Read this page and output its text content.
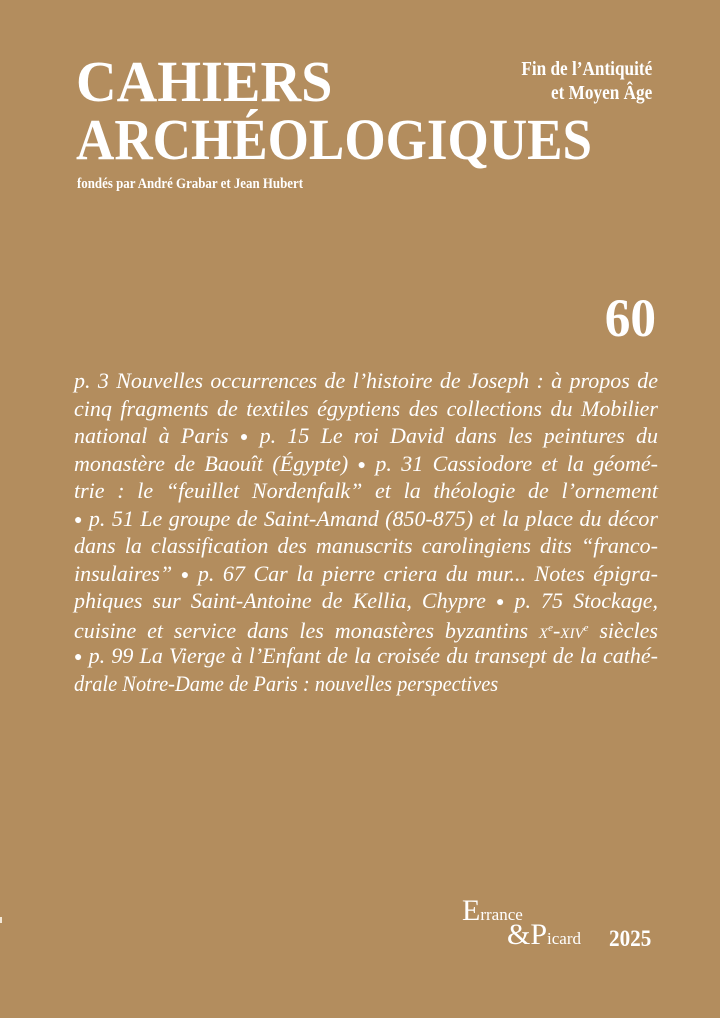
CAHIERS
ARCHÉOLOGIQUES
Fin de l’Antiquité
et Moyen Âge
fondés par André Grabar et Jean Hubert
60
p. 3 Nouvelles occurrences de l’histoire de Joseph : à propos de
cinq fragments de textiles égyptiens des collections du Mobilier
national à Paris ● p. 15 Le roi David dans les peintures du
monastère de Baouît (Égypte) ● p. 31 Cassiodore et la géomé-
trie : le “feuillet Nordenfalk” et la théologie de l’ornement
● p. 51 Le groupe de Saint-Amand (850-875) et la place du décor
dans la classification des manuscrits carolingiens dits “franco-
insulaires” ● p. 67 Car la pierre criera du mur... Notes épigra-
phiques sur Saint-Antoine de Kellia, Chypre ● p. 75 Stockage,
cuisine et service dans les monastères byzantins Xe-XIVe siècles
● p. 99 La Vierge à l’Enfant de la croisée du transept de la cathé-
drale Notre-Dame de Paris : nouvelles perspectives
Errance
&Picard 2025
